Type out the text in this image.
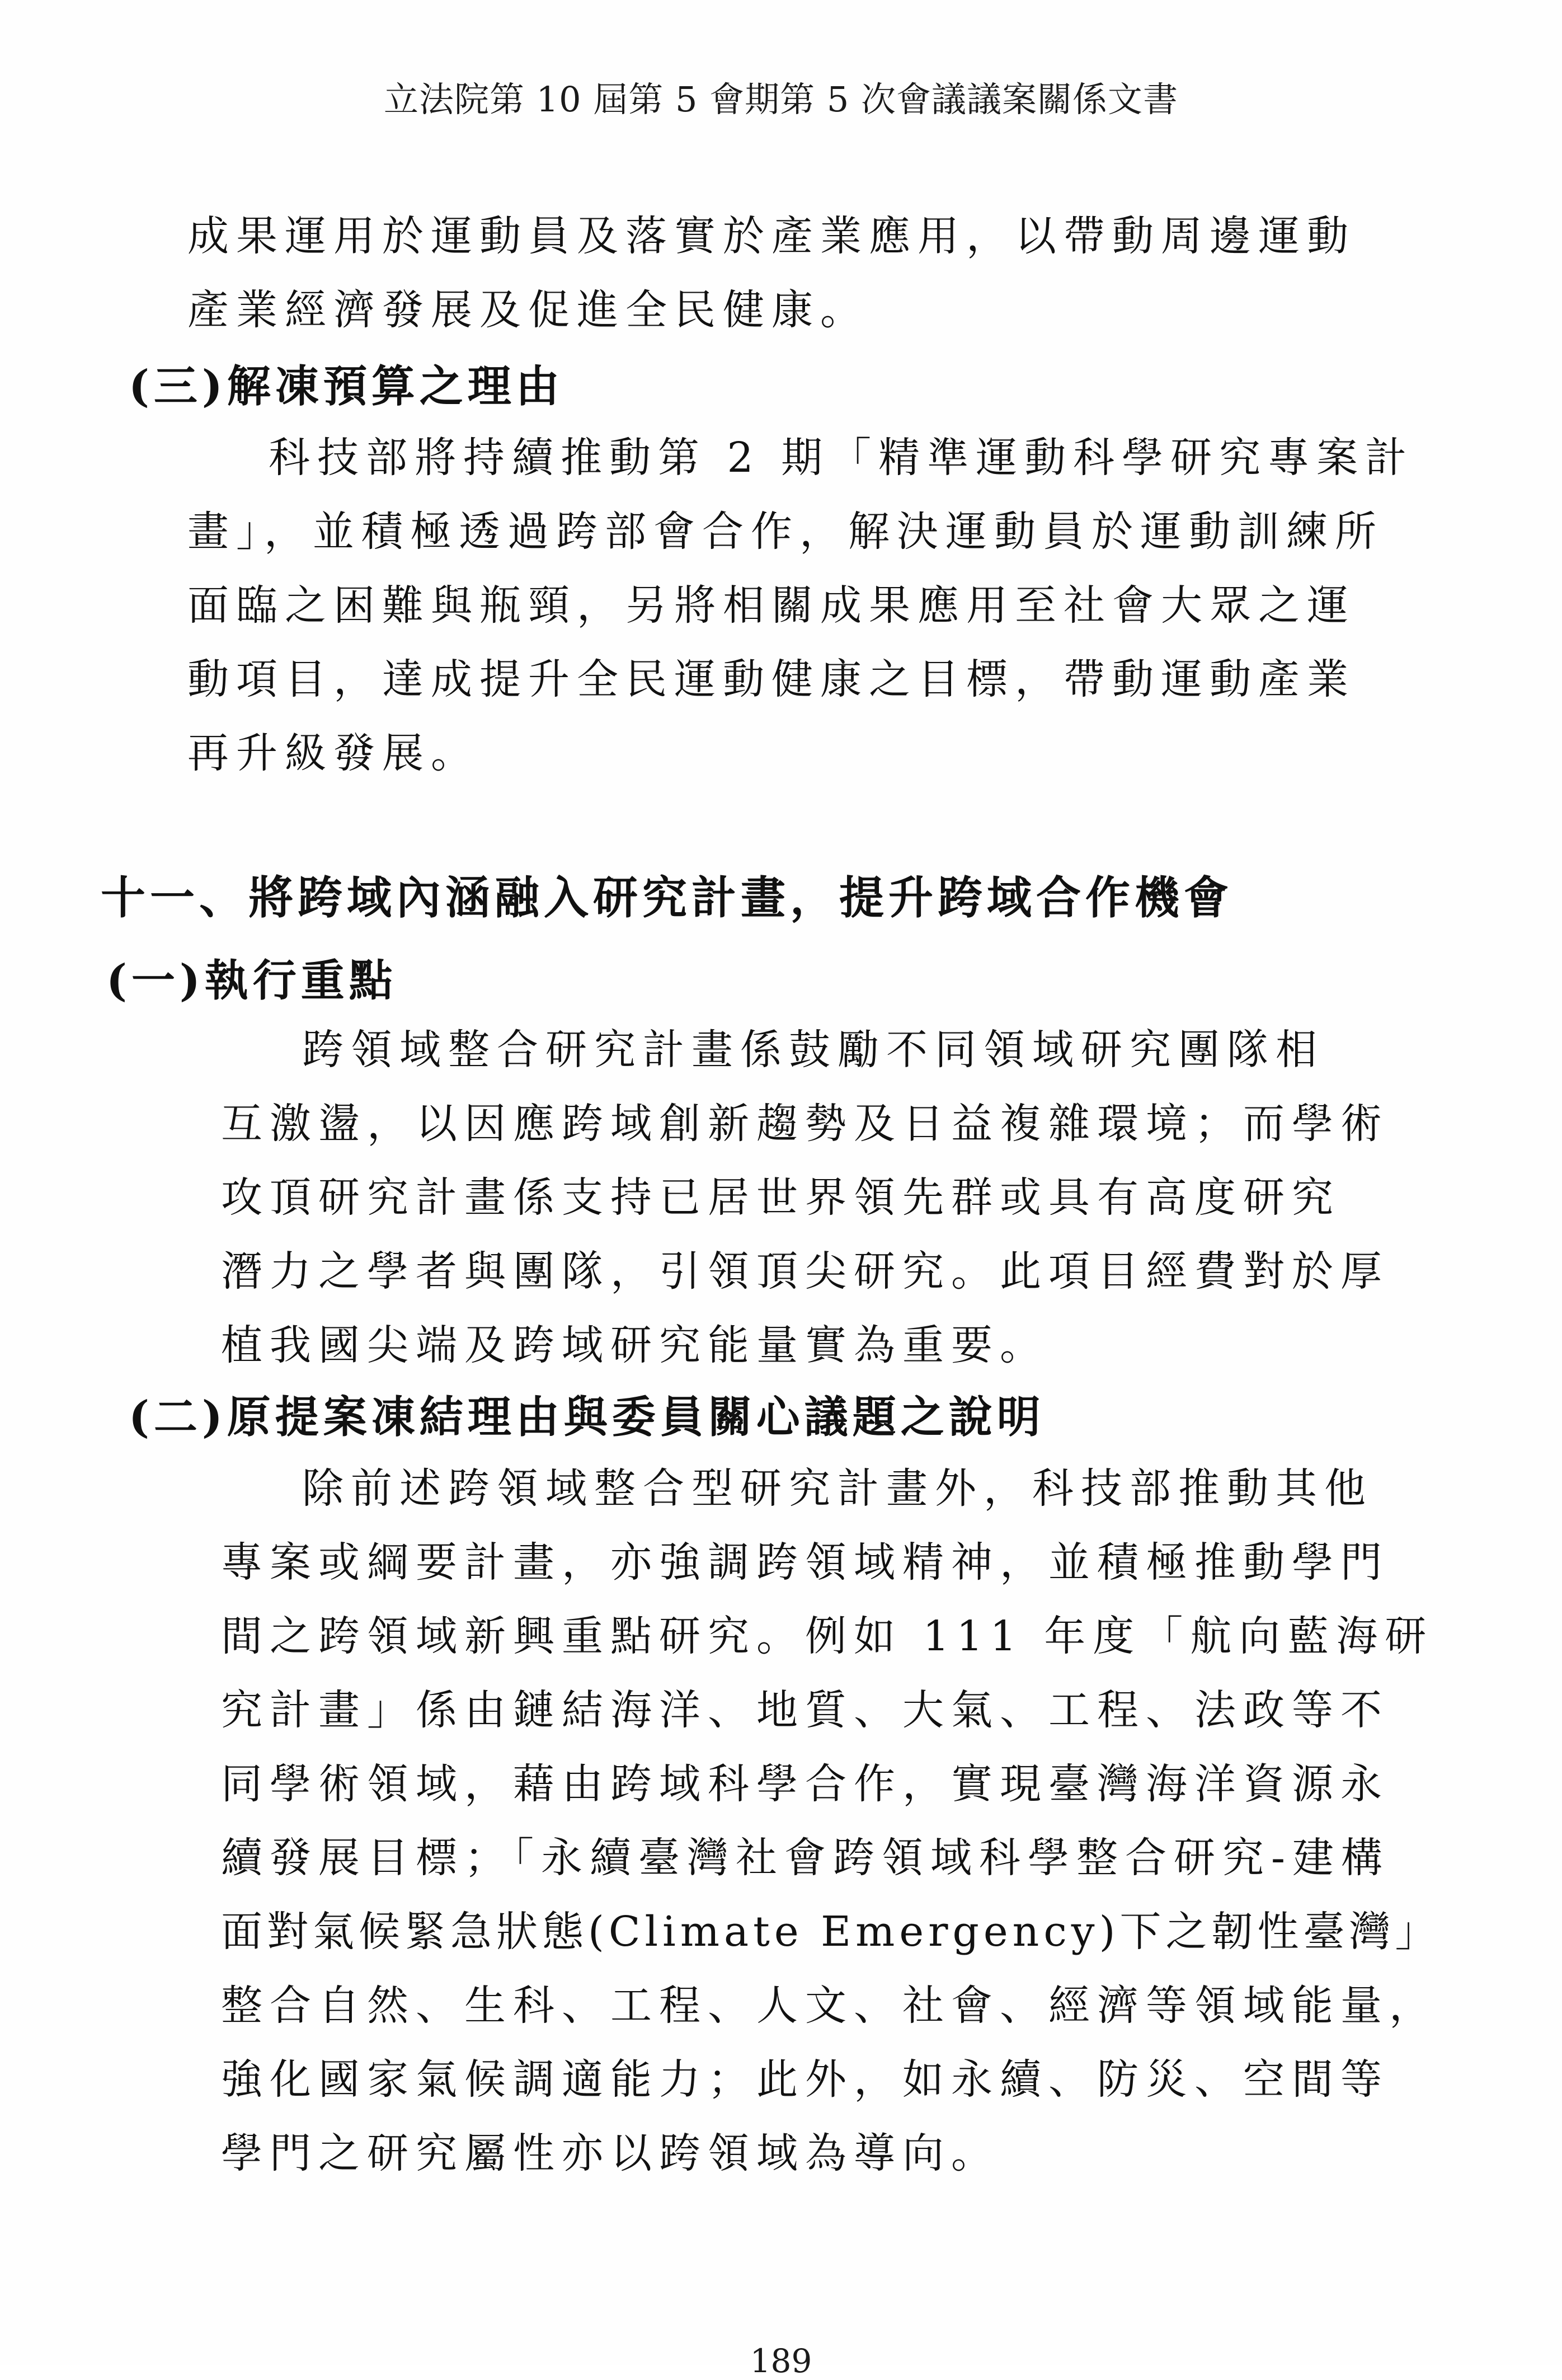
立法院第 10 屆第 5 會期第 5 次會議議案關係文書
成果運用於運動員及落實於產業應用，以帶動周邊運動
產業經濟發展及促進全民健康。
(三)解凍預算之理由
科技部將持續推動第 2 期「精準運動科學研究專案計
畫」，並積極透過跨部會合作，解決運動員於運動訓練所
面臨之困難與瓶頸，另將相關成果應用至社會大眾之運
動項目，達成提升全民運動健康之目標，帶動運動產業
再升級發展。
十一、將跨域內涵融入研究計畫，提升跨域合作機會
(一)執行重點
跨領域整合研究計畫係鼓勵不同領域研究團隊相
互激盪，以因應跨域創新趨勢及日益複雜環境；而學術
攻頂研究計畫係支持已居世界領先群或具有高度研究
潛力之學者與團隊，引領頂尖研究。此項目經費對於厚
植我國尖端及跨域研究能量實為重要。
(二)原提案凍結理由與委員關心議題之說明
除前述跨領域整合型研究計畫外，科技部推動其他
專案或綱要計畫，亦強調跨領域精神，並積極推動學門
間之跨領域新興重點研究。例如 111 年度「航向藍海研
究計畫」係由鏈結海洋、地質、大氣、工程、法政等不
同學術領域，藉由跨域科學合作，實現臺灣海洋資源永
續發展目標；「永續臺灣社會跨領域科學整合研究-建構
面對氣候緊急狀態(Climate Emergency)下之韌性臺灣」
整合自然、生科、工程、人文、社會、經濟等領域能量，
強化國家氣候調適能力；此外，如永續、防災、空間等
學門之研究屬性亦以跨領域為導向。
189
